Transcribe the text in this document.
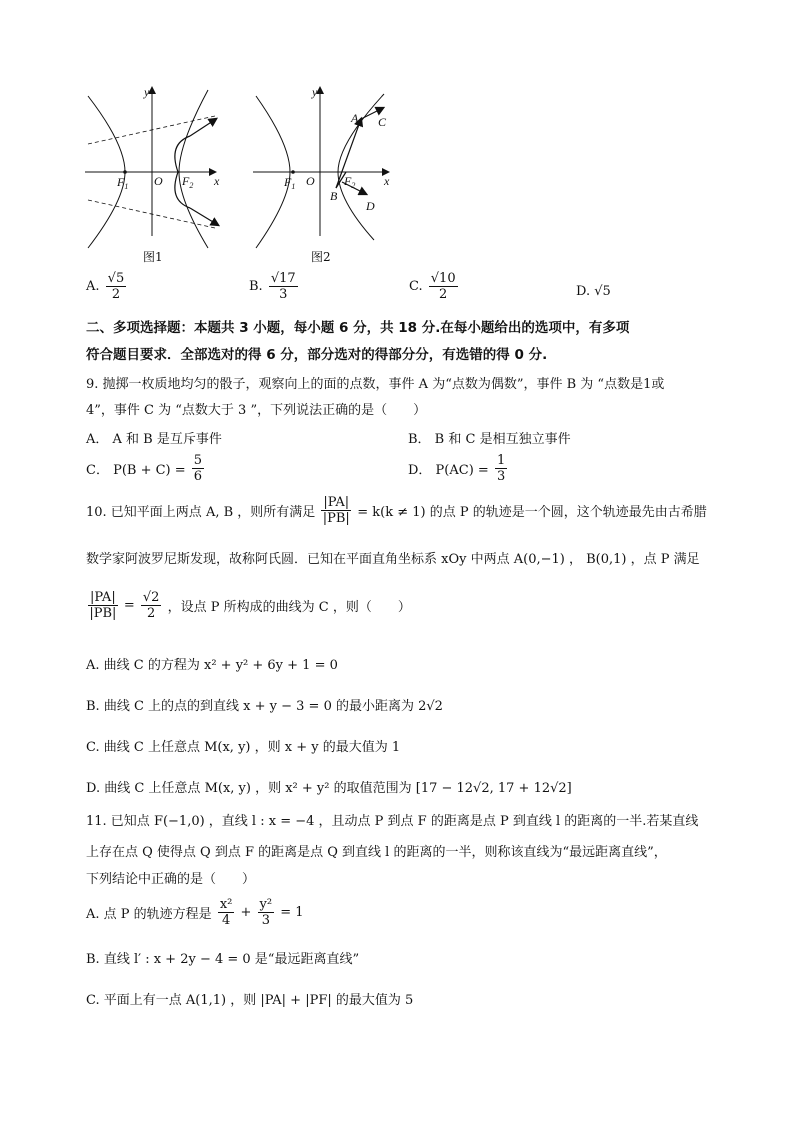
y
x
O
$F_1$	$F_2$
图1
y
x
O
$F_1$	$F_2$
A C
B
D
图2
A. $\frac{√5}{2}$	B. $\frac{√17}{3}$	C. $\frac{√10}{2}$	D. √5
二、多项选择题：本题共 3 小题，每小题 6 分，共 18 分.在每小题给出的选项中，有多项
符合题目要求．全部选对的得 6 分，部分选对的得部分分，有选错的得 0 分.
9. 抛掷一枚质地均匀的骰子，观察向上的面的点数，事件 A 为“点数为偶数”，事件 B 为 “点数是1或
4”，事件 C 为 “点数大于 3 ”，下列说法正确的是（　　）
A． A 和 B 是互斥事件	B． B 和 C 是相互独立事件
C． $P(B + C) = \frac{5}{6}$	D． $P(AC) = \frac{1}{3}$
10. 已知平面上两点 A, B ，则所有满足 $\frac{|PA|}{|PB|} = k(k \ne 1)$ 的点 P 的轨迹是一个圆，这个轨迹最先由古希腊
数学家阿波罗尼斯发现，故称阿氏圆．已知在平面直角坐标系 xOy 中两点 A(0,−1) ， B(0,1) ，点 P 满足
$\frac{|PA|}{|PB|} = \frac{√2}{2}$ ，设点 P 所构成的曲线为 C ，则（　　）
A. 曲线 C 的方程为 x² + y² + 6y + 1 = 0
B. 曲线 C 上的点的到直线 x + y − 3 = 0 的最小距离为 2√2
C. 曲线 C 上任意点 M(x, y) ，则 x + y 的最大值为 1
D. 曲线 C 上任意点 M(x, y) ，则 x² + y² 的取值范围为 [17 − 12√2, 17 + 12√2]
11. 已知点 F(−1,0) ，直线 l : x = −4 ，且动点 P 到点 F 的距离是点 P 到直线 l 的距离的一半.若某直线
上存在点 Q 使得点 Q 到点 F 的距离是点 Q 到直线 l 的距离的一半，则称该直线为“最远距离直线”，
下列结论中正确的是（　　）
A. 点 P 的轨迹方程是 $\frac{\text{x²}}{4} + \frac{\text{y²}}{3} = 1$
B. 直线 l′ : x + 2y − 4 = 0 是“最远距离直线”
C. 平面上有一点 A(1,1) ，则 |PA| + |PF| 的最大值为 5
